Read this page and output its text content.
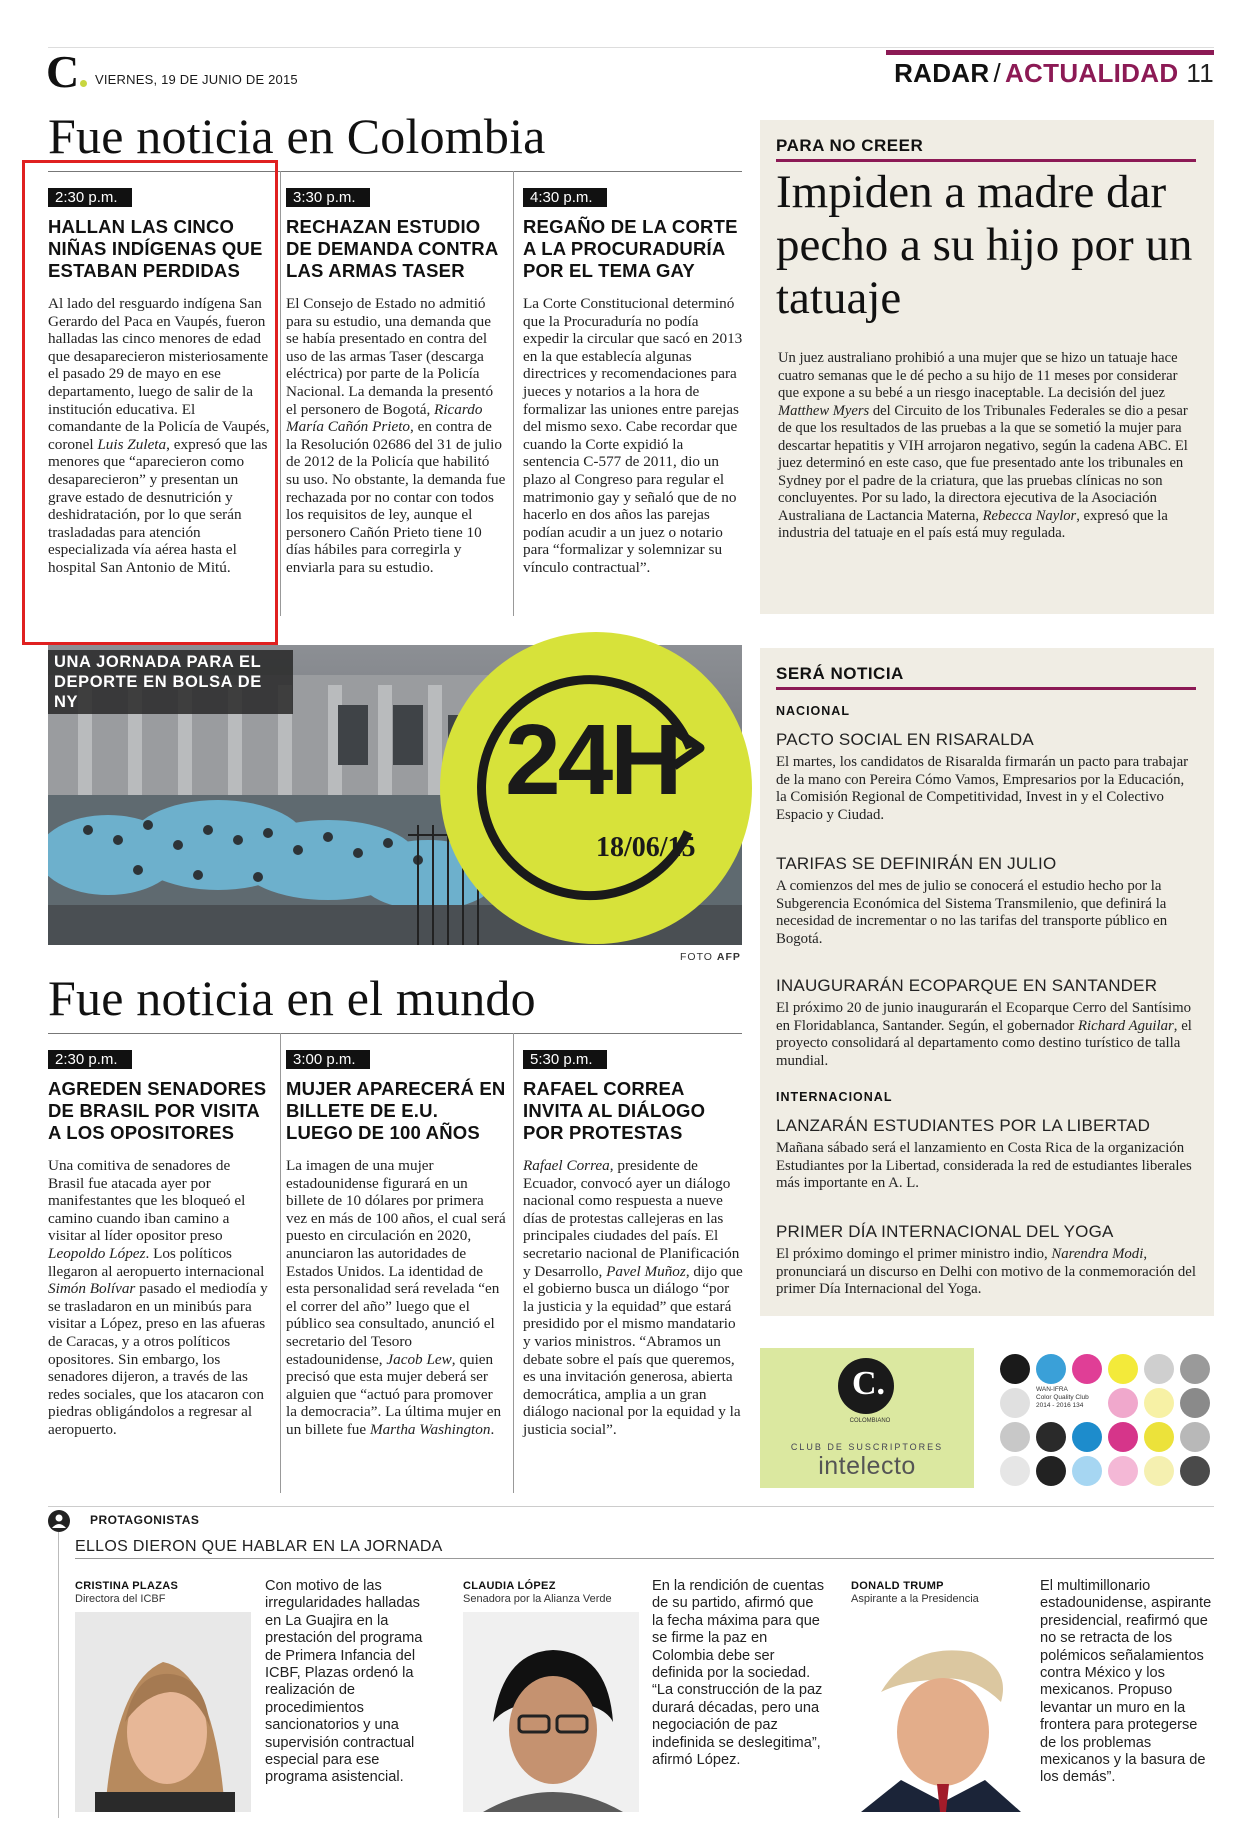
C	VIERNES, 19 DE JUNIO DE 2015	RADAR / ACTUALIDAD 11
Fue noticia en Colombia
2:30 p.m.
HALLAN LAS CINCO NIÑAS INDÍGENAS QUE ESTABAN PERDIDAS
Al lado del resguardo indígena San Gerardo del Paca en Vaupés, fueron halladas las cinco menores de edad que desaparecieron misteriosamente el pasado 29 de mayo en ese departamento, luego de salir de la institución educativa. El comandante de la Policía de Vaupés, coronel Luis Zuleta, expresó que las menores que “aparecieron como desaparecieron” y presentan un grave estado de desnutrición y deshidratación, por lo que serán trasladadas para atención especializada vía aérea hasta el hospital San Antonio de Mitú.
3:30 p.m.
RECHAZAN ESTUDIO DE DEMANDA CONTRA LAS ARMAS TASER
El Consejo de Estado no admitió para su estudio, una demanda que se había presentado en contra del uso de las armas Taser (descarga eléctrica) por parte de la Policía Nacional. La demanda la presentó el personero de Bogotá, Ricardo María Cañón Prieto, en contra de la Resolución 02686 del 31 de julio de 2012 de la Policía que habilitó su uso. No obstante, la demanda fue rechazada por no contar con todos los requisitos de ley, aunque el personero Cañón Prieto tiene 10 días hábiles para corregirla y enviarla para su estudio.
4:30 p.m.
REGAÑO DE LA CORTE A LA PROCURADURÍA POR EL TEMA GAY
La Corte Constitucional determinó que la Procuraduría no podía expedir la circular que sacó en 2013 en la que establecía algunas directrices y recomendaciones para jueces y notarios a la hora de formalizar las uniones entre parejas del mismo sexo. Cabe recordar que cuando la Corte expidió la sentencia C-577 de 2011, dio un plazo al Congreso para regular el matrimonio gay y señaló que de no hacerlo en dos años las parejas podían acudir a un juez o notario para “formalizar y solemnizar su vínculo contractual”.
UNA JORNADA PARA EL DEPORTE EN BOLSA DE NY
24H
18/06/15
FOTO AFP
Fue noticia en el mundo
2:30 p.m.
AGREDEN SENADORES DE BRASIL POR VISITA A LOS OPOSITORES
Una comitiva de senadores de Brasil fue atacada ayer por manifestantes que les bloqueó el camino cuando iban camino a visitar al líder opositor preso Leopoldo López. Los políticos llegaron al aeropuerto internacional Simón Bolívar pasado el mediodía y se trasladaron en un minibús para visitar a López, preso en las afueras de Caracas, y a otros políticos opositores. Sin embargo, los senadores dijeron, a través de las redes sociales, que los atacaron con piedras obligándolos a regresar al aeropuerto.
3:00 p.m.
MUJER APARECERÁ EN BILLETE DE E.U. LUEGO DE 100 AÑOS
La imagen de una mujer estadounidense figurará en un billete de 10 dólares por primera vez en más de 100 años, el cual será puesto en circulación en 2020, anunciaron las autoridades de Estados Unidos. La identidad de esta personalidad será revelada “en el correr del año” luego que el público sea consultado, anunció el secretario del Tesoro estadounidense, Jacob Lew, quien precisó que esta mujer deberá ser alguien que “actuó para promover la democracia”. La última mujer en un billete fue Martha Washington.
5:30 p.m.
RAFAEL CORREA INVITA AL DIÁLOGO POR PROTESTAS
Rafael Correa, presidente de Ecuador, convocó ayer un diálogo nacional como respuesta a nueve días de protestas callejeras en las principales ciudades del país. El secretario nacional de Planificación y Desarrollo, Pavel Muñoz, dijo que el gobierno busca un diálogo “por la justicia y la equidad” que estará presidido por el mismo mandatario y varios ministros. “Abramos un debate sobre el país que queremos, es una invitación generosa, abierta democrática, amplia a un gran diálogo nacional por la equidad y la justicia social”.
PARA NO CREER
Impiden a madre dar pecho a su hijo por un tatuaje
Un juez australiano prohibió a una mujer que se hizo un tatuaje hace cuatro semanas que le dé pecho a su hijo de 11 meses por considerar que expone a su bebé a un riesgo inaceptable. La decisión del juez Matthew Myers del Circuito de los Tribunales Federales se dio a pesar de que los resultados de las pruebas a la que se sometió la mujer para descartar hepatitis y VIH arrojaron negativo, según la cadena ABC. El juez determinó en este caso, que fue presentado ante los tribunales en Sydney por el padre de la criatura, que las pruebas clínicas no son concluyentes. Por su lado, la directora ejecutiva de la Asociación Australiana de Lactancia Materna, Rebecca Naylor, expresó que la industria del tatuaje en el país está muy regulada.
SERÁ NOTICIA
NACIONAL
PACTO SOCIAL EN RISARALDA
El martes, los candidatos de Risaralda firmarán un pacto para trabajar de la mano con Pereira Cómo Vamos, Empresarios por la Educación, la Comisión Regional de Competitividad, Invest in y el Colectivo Espacio y Ciudad.
TARIFAS SE DEFINIRÁN EN JULIO
A comienzos del mes de julio se conocerá el estudio hecho por la Subgerencia Económica del Sistema Transmilenio, que definirá la necesidad de incrementar o no las tarifas del transporte público en Bogotá.
INAUGURARÁN ECOPARQUE EN SANTANDER
El próximo 20 de junio inaugurarán el Ecoparque Cerro del Santísimo en Floridablanca, Santander. Según, el gobernador Richard Aguilar, el proyecto consolidará al departamento como destino turístico de talla mundial.
INTERNACIONAL
LANZARÁN ESTUDIANTES POR LA LIBERTAD
Mañana sábado será el lanzamiento en Costa Rica de la organización Estudiantes por la Libertad, considerada la red de estudiantes liberales más importante en A. L.
PRIMER DÍA INTERNACIONAL DEL YOGA
El próximo domingo el primer ministro indio, Narendra Modi, pronunciará un discurso en Delhi con motivo de la conmemoración del primer Día Internacional del Yoga.
C.
COLOMBIANO
CLUB DE SUSCRIPTORES
intelecto
WAN-IFRA
Color Quality Club
2014 - 2016 134
PROTAGONISTAS
ELLOS DIERON QUE HABLAR EN LA JORNADA
CRISTINA PLAZAS
Directora del ICBF
Con motivo de las irregularidades halladas en La Guajira en la prestación del programa de Primera Infancia del ICBF, Plazas ordenó la realización de procedimientos sancionatorios y una supervisión contractual especial para ese programa asistencial.
CLAUDIA LÓPEZ
Senadora por la Alianza Verde
En la rendición de cuentas de su partido, afirmó que la fecha máxima para que se firme la paz en Colombia debe ser definida por la sociedad. “La construcción de la paz durará décadas, pero una negociación de paz indefinida se deslegitima”, afirmó López.
DONALD TRUMP
Aspirante a la Presidencia
El multimillonario estadounidense, aspirante presidencial, reafirmó que no se retracta de los polémicos señalamientos contra México y los mexicanos. Propuso levantar un muro en la frontera para protegerse de los problemas mexicanos y la basura de los demás”.
